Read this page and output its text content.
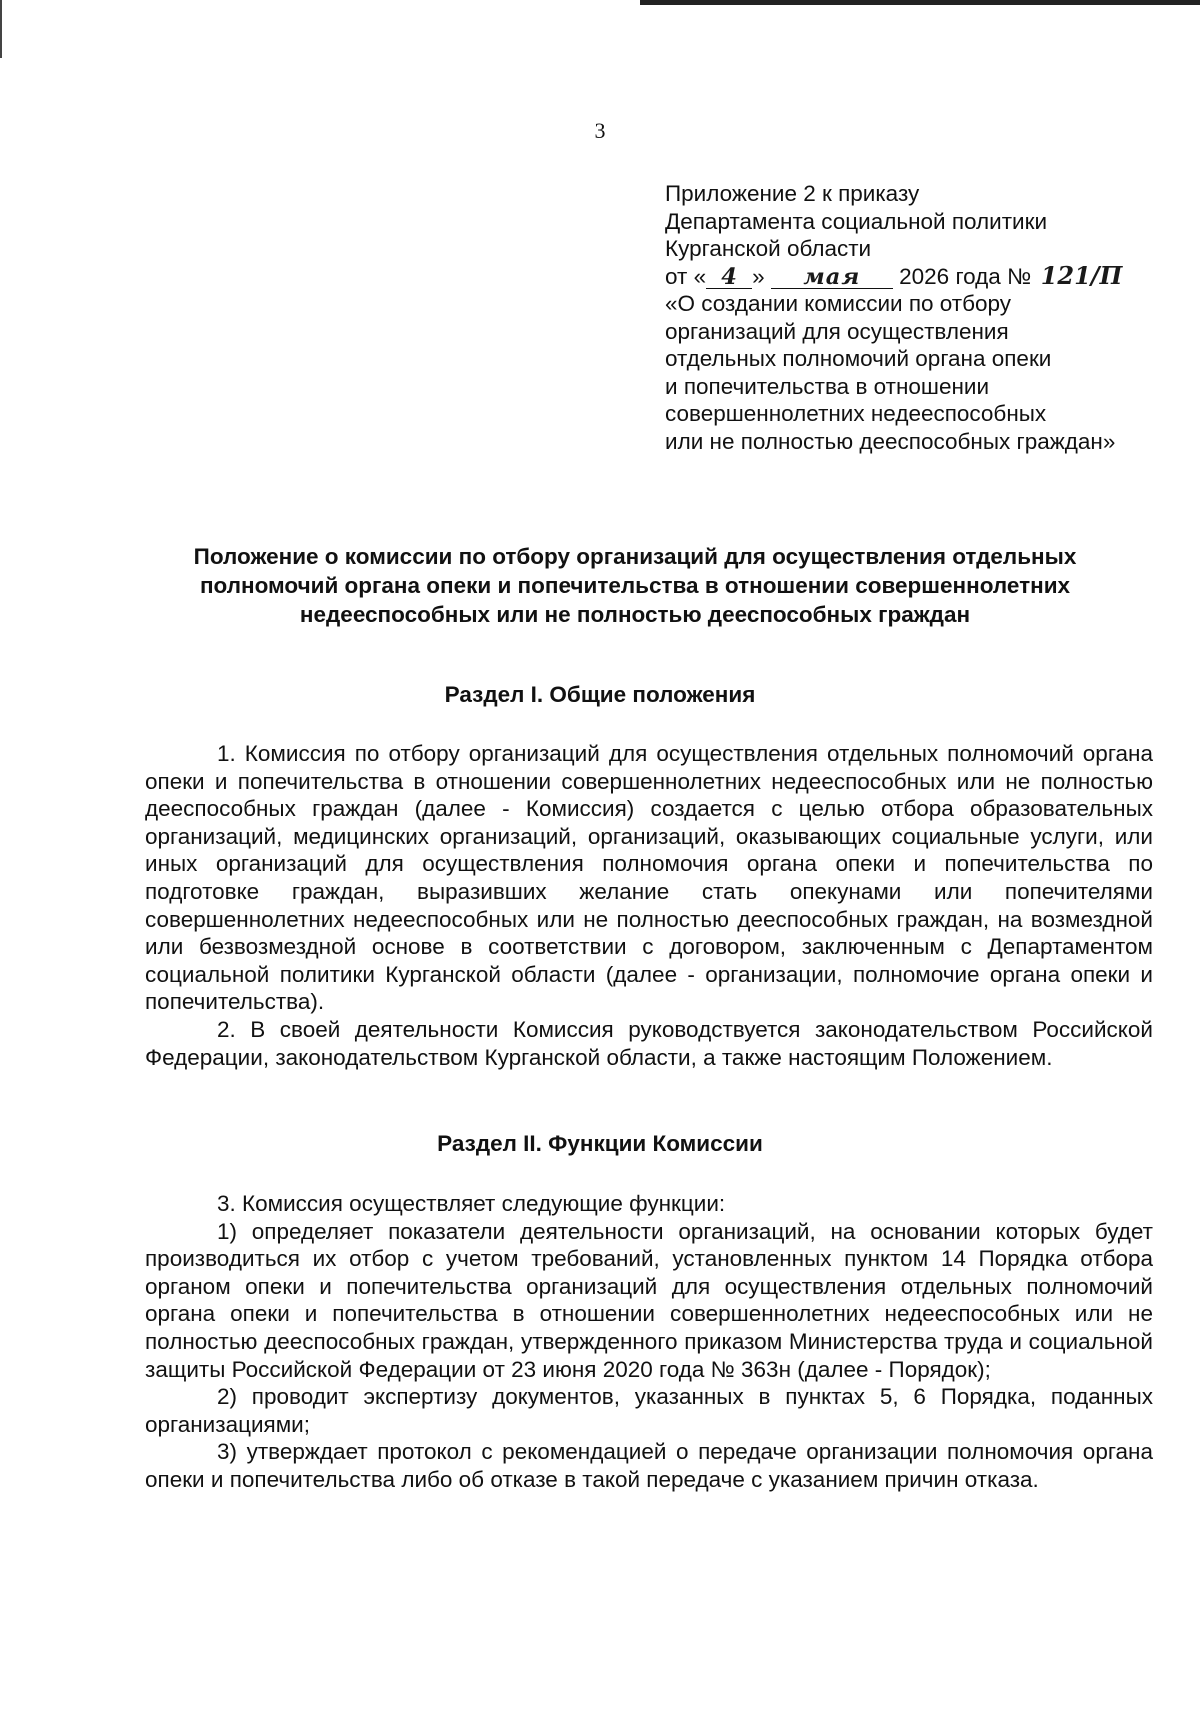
3
Приложение 2 к приказу
Департамента социальной политики
Курганской области
от « 4 » мая 2026 года № 121/П
«О создании комиссии по отбору
организаций для осуществления
отдельных полномочий органа опеки
и попечительства в отношении
совершеннолетних недееспособных
или не полностью дееспособных граждан»
Положение о комиссии по отбору организаций для осуществления отдельных полномочий органа опеки и попечительства в отношении совершеннолетних недееспособных или не полностью дееспособных граждан
Раздел I. Общие положения

1. Комиссия по отбору организаций для осуществления отдельных полномочий органа опеки и попечительства в отношении совершеннолетних недееспособных или не полностью дееспособных граждан (далее - Комиссия) создается с целью отбора образовательных организаций, медицинских организаций, организаций, оказывающих социальные услуги, или иных организаций для осуществления полномочия органа опеки и попечительства по подготовке граждан, выразивших желание стать опекунами или попечителями совершеннолетних недееспособных или не полностью дееспособных граждан, на возмездной или безвозмездной основе в соответствии с договором, заключенным с Департаментом социальной политики Курганской области (далее - организации, полномочие органа опеки и попечительства).

2. В своей деятельности Комиссия руководствуется законодательством Российской Федерации, законодательством Курганской области, а также настоящим Положением.

Раздел II. Функции Комиссии

3. Комиссия осуществляет следующие функции:

1) определяет показатели деятельности организаций, на основании которых будет производиться их отбор с учетом требований, установленных пунктом 14 Порядка отбора органом опеки и попечительства организаций для осуществления отдельных полномочий органа опеки и попечительства в отношении совершеннолетних недееспособных или не полностью дееспособных граждан, утвержденного приказом Министерства труда и социальной защиты Российской Федерации от 23 июня 2020 года № 363н (далее - Порядок);

2) проводит экспертизу документов, указанных в пунктах 5, 6 Порядка, поданных организациями;

3) утверждает протокол с рекомендацией о передаче организации полномочия органа опеки и попечительства либо об отказе в такой передаче с указанием причин отказа.
